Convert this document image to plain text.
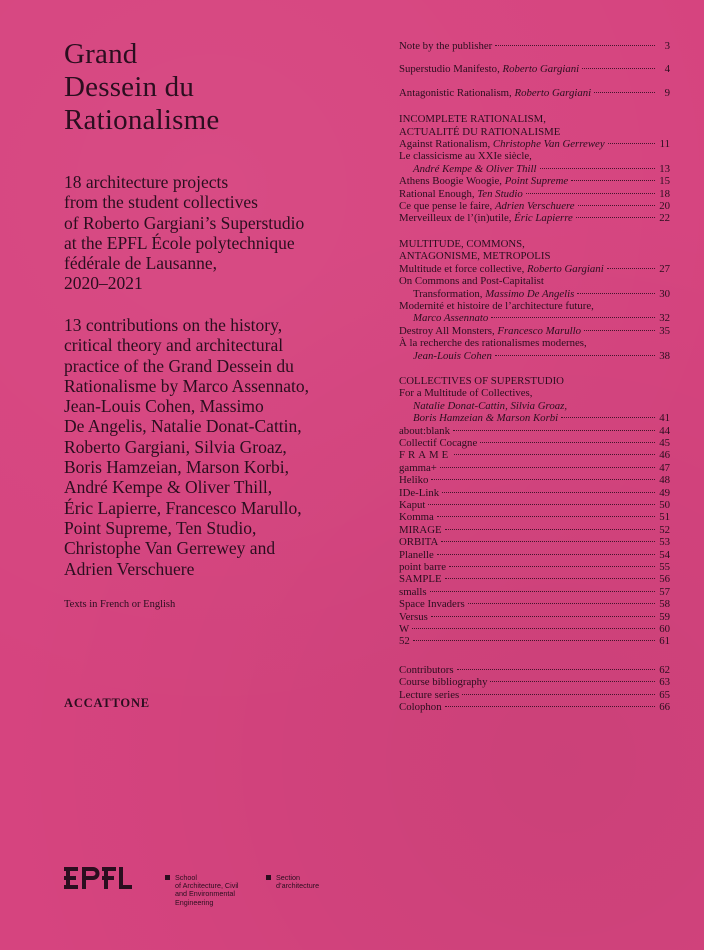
Grand
Dessein du
Rationalisme
18 architecture projects
from the student collectives
of Roberto Gargiani’s Superstudio
at the EPFL École polytechnique
fédérale de Lausanne,
2020–2021
13 contributions on the history,
critical theory and architectural
practice of the Grand Dessein du
Rationalisme by Marco Assennato,
Jean-Louis Cohen, Massimo
De Angelis, Natalie Donat-Cattin,
Roberto Gargiani, Silvia Groaz,
Boris Hamzeian, Marson Korbi,
André Kempe & Oliver Thill,
Éric Lapierre, Francesco Marullo,
Point Supreme, Ten Studio,
Christophe Van Gerrewey and
Adrien Verschuere
Texts in French or English
ACCATTONE
Note by the publisher	3
Superstudio Manifesto, Roberto Gargiani	4
Antagonistic Rationalism, Roberto Gargiani	9
INCOMPLETE RATIONALISM,
ACTUALITÉ DU RATIONALISME
Against Rationalism, Christophe Van Gerrewey	11
Le classicisme au XXIe siècle,
André Kempe & Oliver Thill	13
Athens Boogie Woogie, Point Supreme	15
Rational Enough, Ten Studio	18
Ce que pense le faire, Adrien Verschuere	20
Merveilleux de l’(in)utile, Éric Lapierre	22
MULTITUDE, COMMONS,
ANTAGONISME, METROPOLIS
Multitude et force collective, Roberto Gargiani	27
On Commons and Post-Capitalist
Transformation, Massimo De Angelis	30
Modernité et histoire de l’architecture future,
Marco Assennato	32
Destroy All Monsters, Francesco Marullo	35
À la recherche des rationalismes modernes,
Jean-Louis Cohen	38
COLLECTIVES OF SUPERSTUDIO
For a Multitude of Collectives,
Natalie Donat-Cattin, Silvia Groaz,
Boris Hamzeian & Marson Korbi	41
about:blank	44
Collectif Cocagne	45
FRAME	46
gamma+	47
Heliko	48
IDe-Link	49
Kaput	50
Komma	51
MIRAGE	52
ORBITA	53
Planelle	54
point barre	55
SAMPLE	56
smalls	57
Space Invaders	58
Versus	59
W	60
52	61
Contributors	62
Course bibliography	63
Lecture series	65
Colophon	66
School
of Architecture, Civil
and Environmental
Engineering
Section
d’architecture
